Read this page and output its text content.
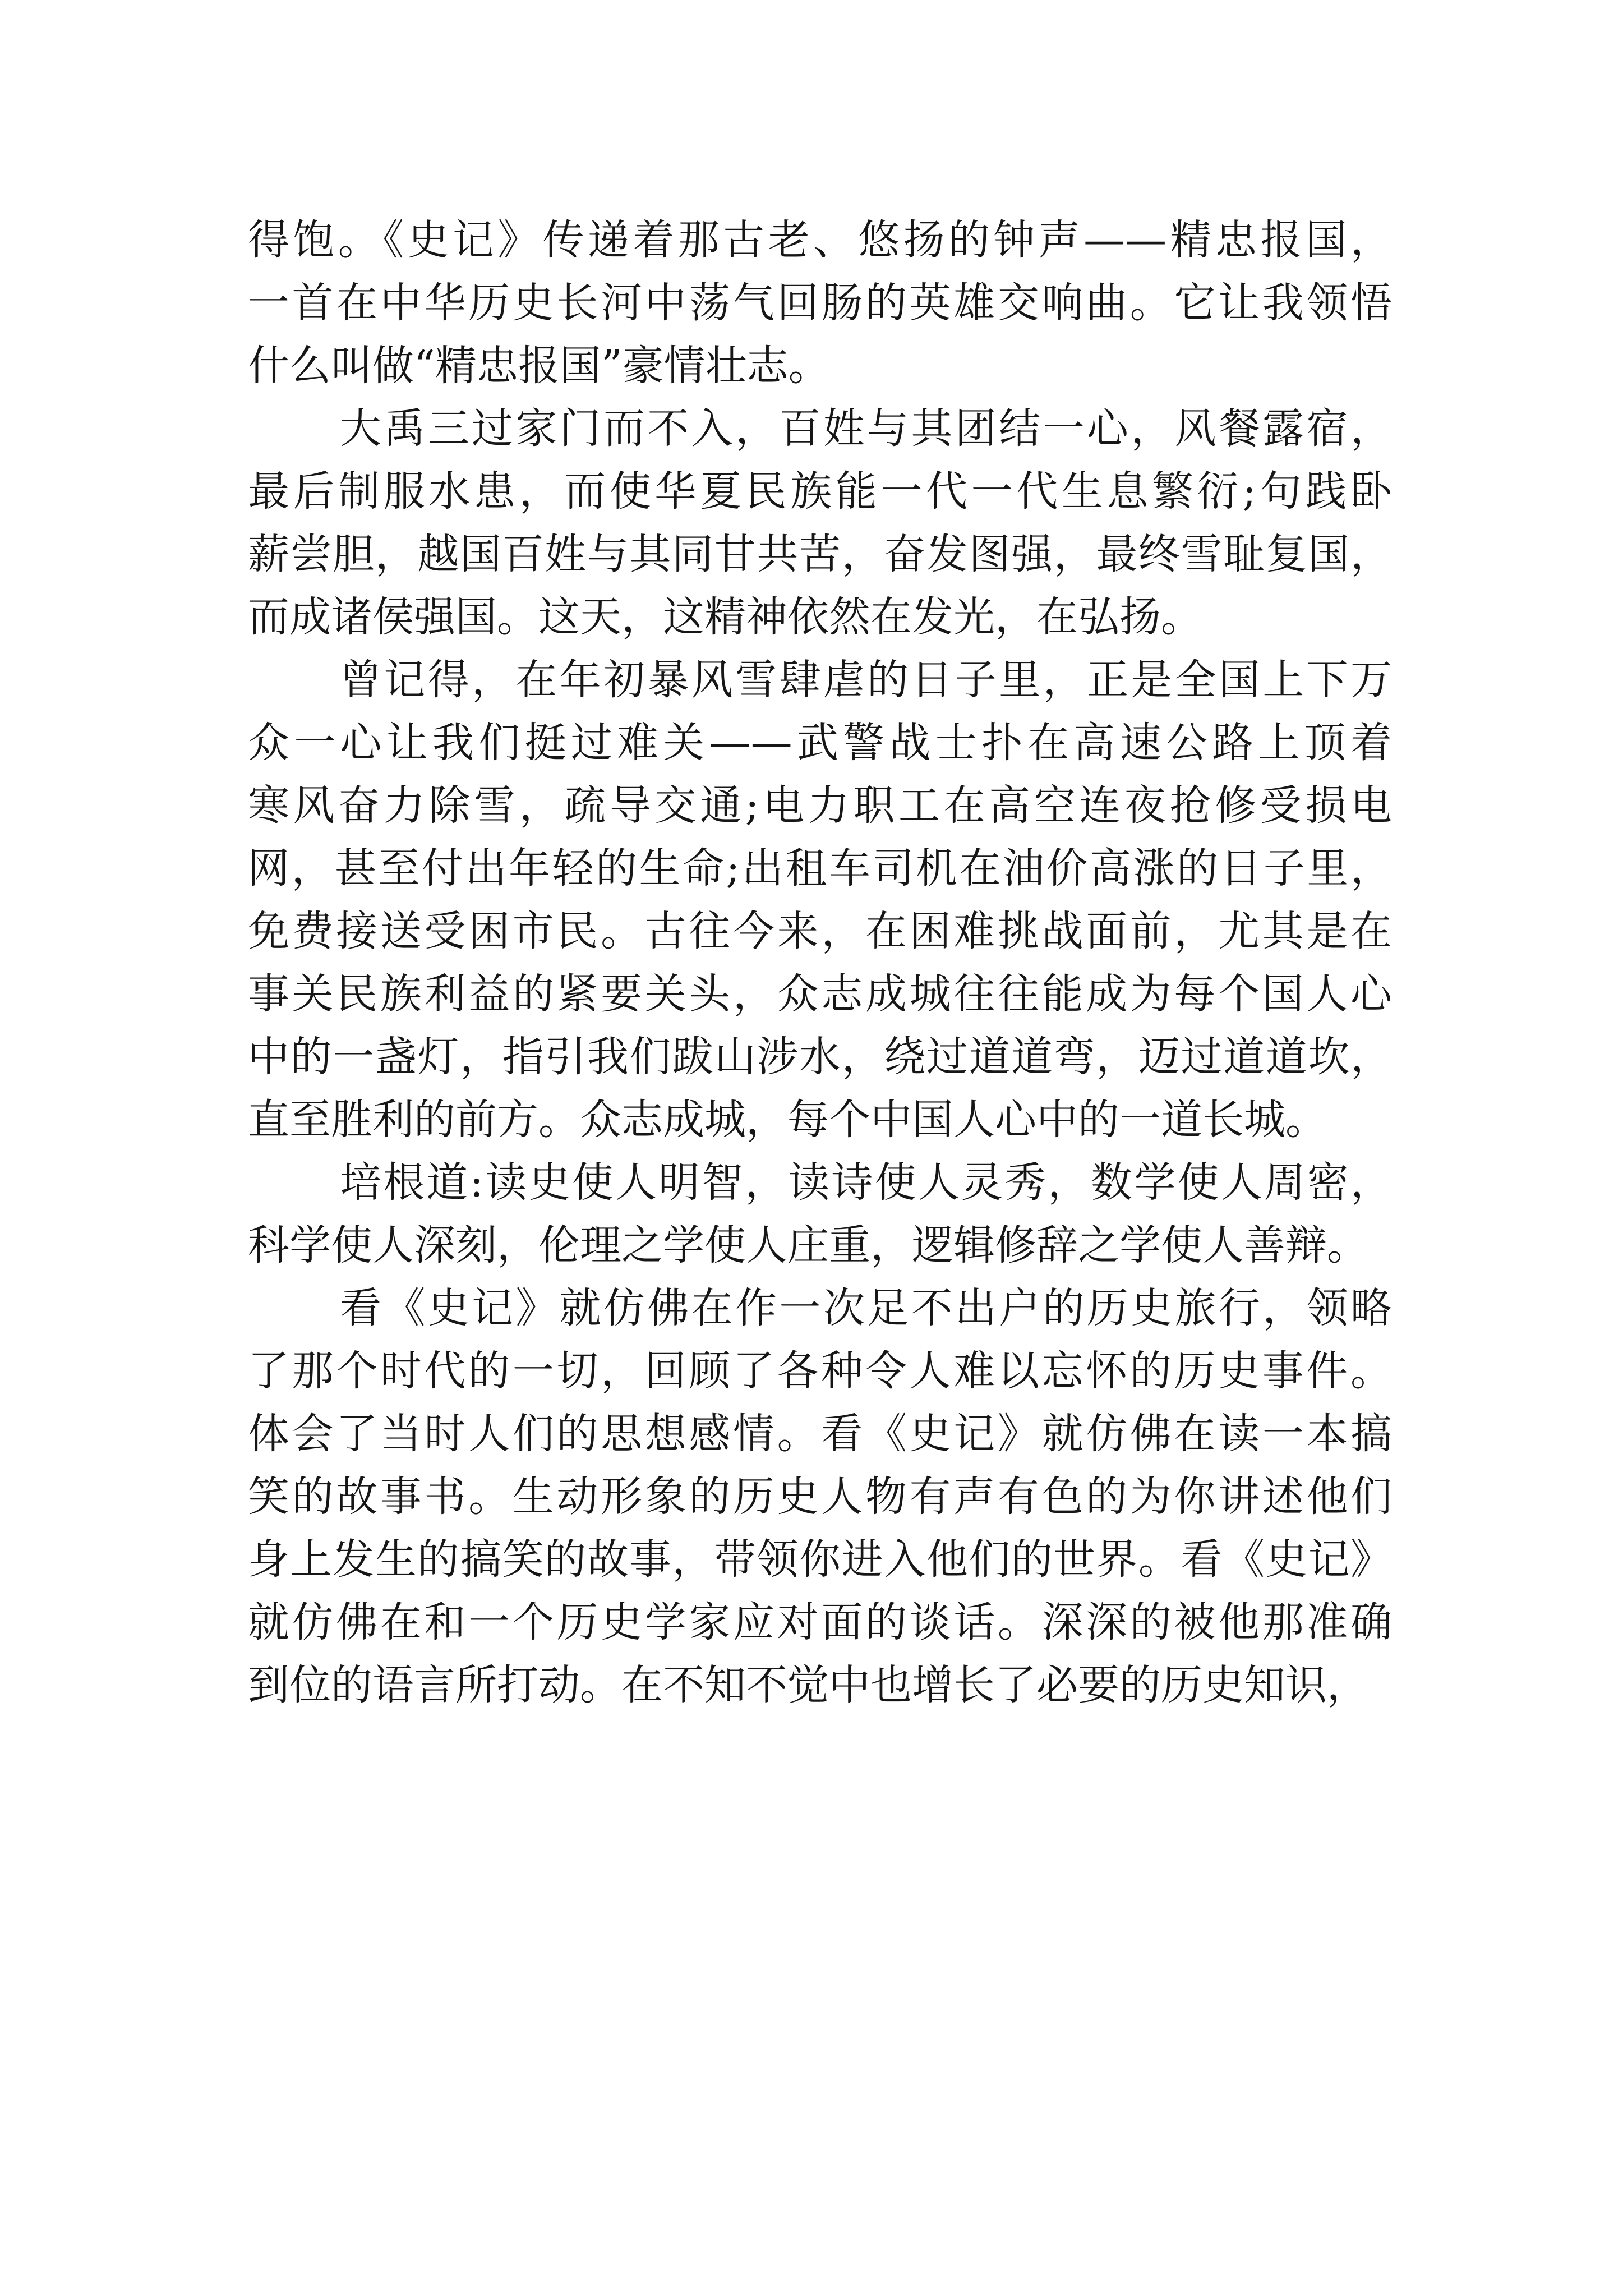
得饱。《史记》传递着那古老、悠扬的钟声——精忠报国，
一首在中华历史长河中荡气回肠的英雄交响曲。它让我领悟
什么叫做“精忠报国”豪情壮志。
大禹三过家门而不入，百姓与其团结一心，风餐露宿，
最后制服水患，而使华夏民族能一代一代生息繁衍;句践卧
薪尝胆，越国百姓与其同甘共苦，奋发图强，最终雪耻复国，
而成诸侯强国。这天，这精神依然在发光，在弘扬。
曾记得，在年初暴风雪肆虐的日子里，正是全国上下万
众一心让我们挺过难关——武警战士扑在高速公路上顶着
寒风奋力除雪，疏导交通;电力职工在高空连夜抢修受损电
网，甚至付出年轻的生命;出租车司机在油价高涨的日子里，
免费接送受困市民。古往今来，在困难挑战面前，尤其是在
事关民族利益的紧要关头，众志成城往往能成为每个国人心
中的一盏灯，指引我们跋山涉水，绕过道道弯，迈过道道坎，
直至胜利的前方。众志成城，每个中国人心中的一道长城。
培根道:读史使人明智，读诗使人灵秀，数学使人周密，
科学使人深刻，伦理之学使人庄重，逻辑修辞之学使人善辩。
看《史记》就仿佛在作一次足不出户的历史旅行，领略
了那个时代的一切，回顾了各种令人难以忘怀的历史事件。
体会了当时人们的思想感情。看《史记》就仿佛在读一本搞
笑的故事书。生动形象的历史人物有声有色的为你讲述他们
身上发生的搞笑的故事，带领你进入他们的世界。看《史记》
就仿佛在和一个历史学家应对面的谈话。深深的被他那准确
到位的语言所打动。在不知不觉中也增长了必要的历史知识，
